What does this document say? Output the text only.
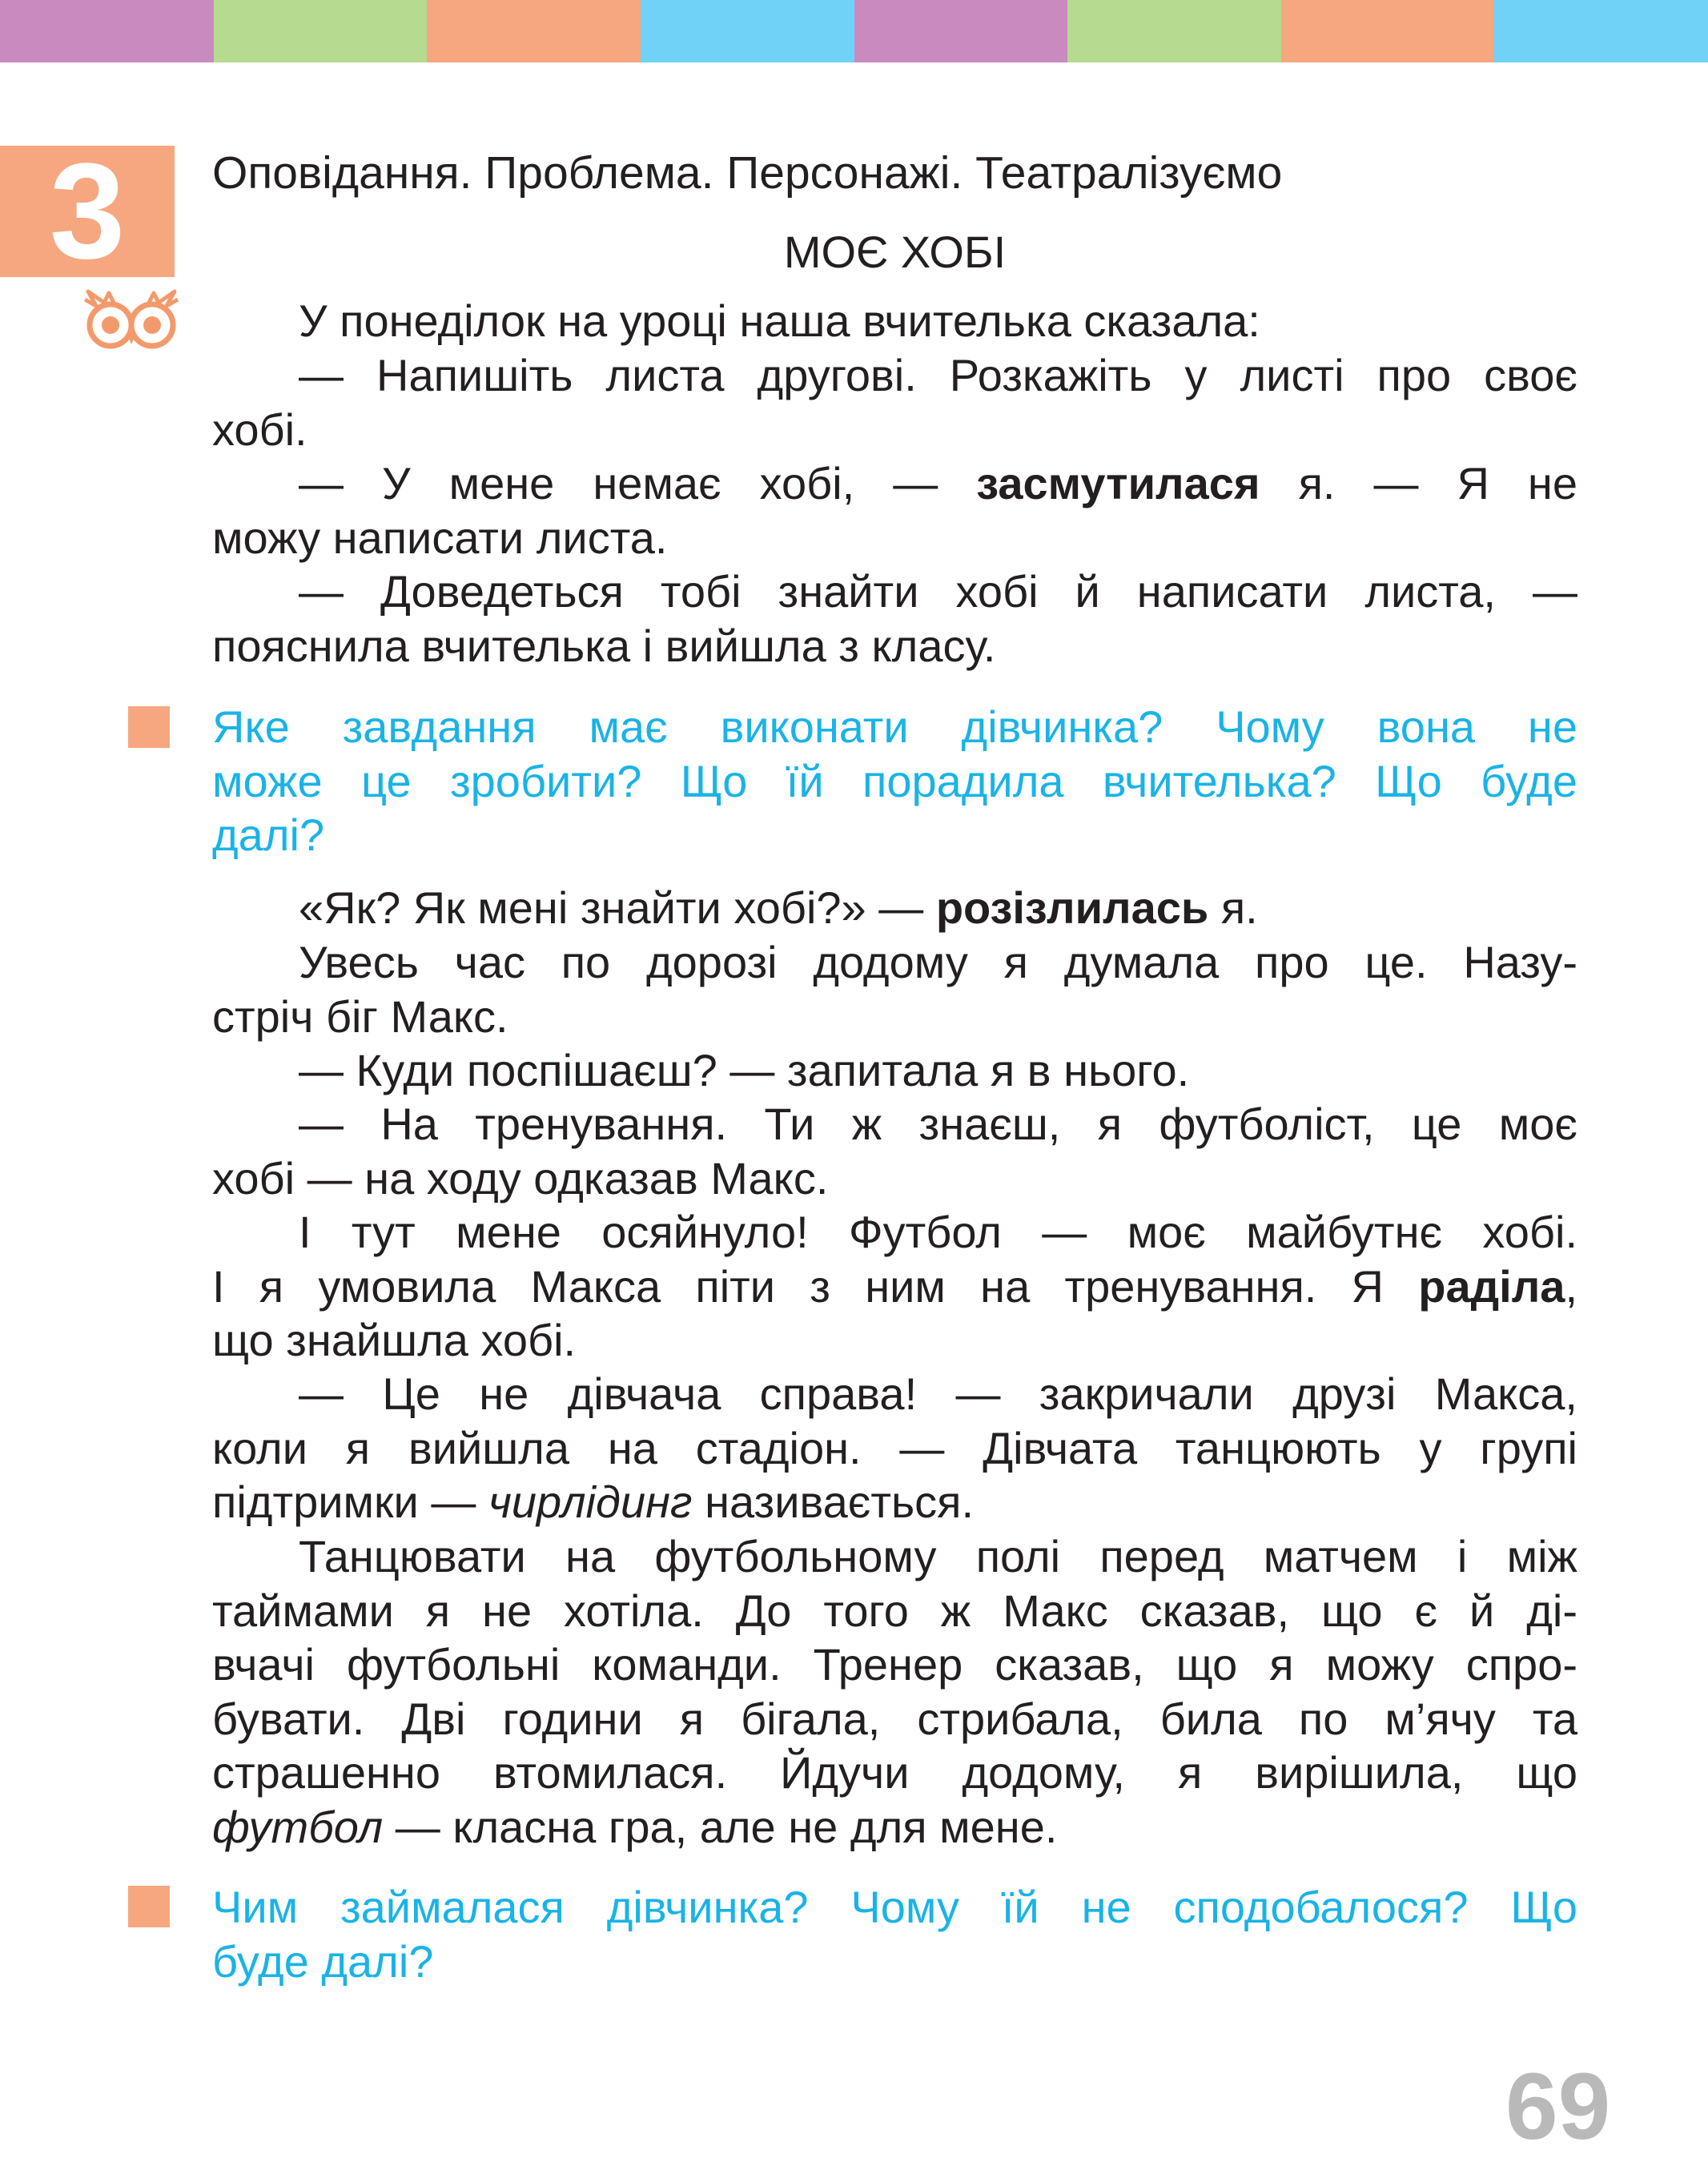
3 Оповідання. Проблема. Персонажі. Театралізуємо
МОЄ ХОБІ

У понеділок на уроці наша вчителька сказала:

— Напишіть листа другові. Розкажіть у листі про своє
хобі.

— У мене немає хобі, — засмутилася я. — Я не
можу написати листа.

— Доведеться тобі знайти хобі й написати листа, —
пояснила вчителька і вийшла з класу.

Яке завдання має виконати дівчинка? Чому вона не
може це зробити? Що їй порадила вчителька? Що буде
далі?

«Як? Як мені знайти хобі?» — розізлилась я.

Увесь час по дорозі додому я думала про це. Назу-
стріч біг Макс.

— Куди поспішаєш? — запитала я в нього.

— На тренування. Ти ж знаєш, я футболіст, це моє
хобі — на ходу одказав Макс.

І тут мене осяйнуло! Футбол — моє майбутнє хобі.
І я умовила Макса піти з ним на тренування. Я раділа,
що знайшла хобі.

— Це не дівчача справа! — закричали друзі Макса,
коли я вийшла на стадіон. — Дівчата танцюють у групі
підтримки — чирлідинг називається.

Танцювати на футбольному полі перед матчем і між
таймами я не хотіла. До того ж Макс сказав, що є й ді-
вчачі футбольні команди. Тренер сказав, що я можу спро-
бувати. Дві години я бігала, стрибала, била по м’ячу та
страшенно втомилася. Йдучи додому, я вирішила, що
футбол — класна гра, але не для мене.

Чим займалася дівчинка? Чому їй не сподобалося? Що
буде далі?

69
